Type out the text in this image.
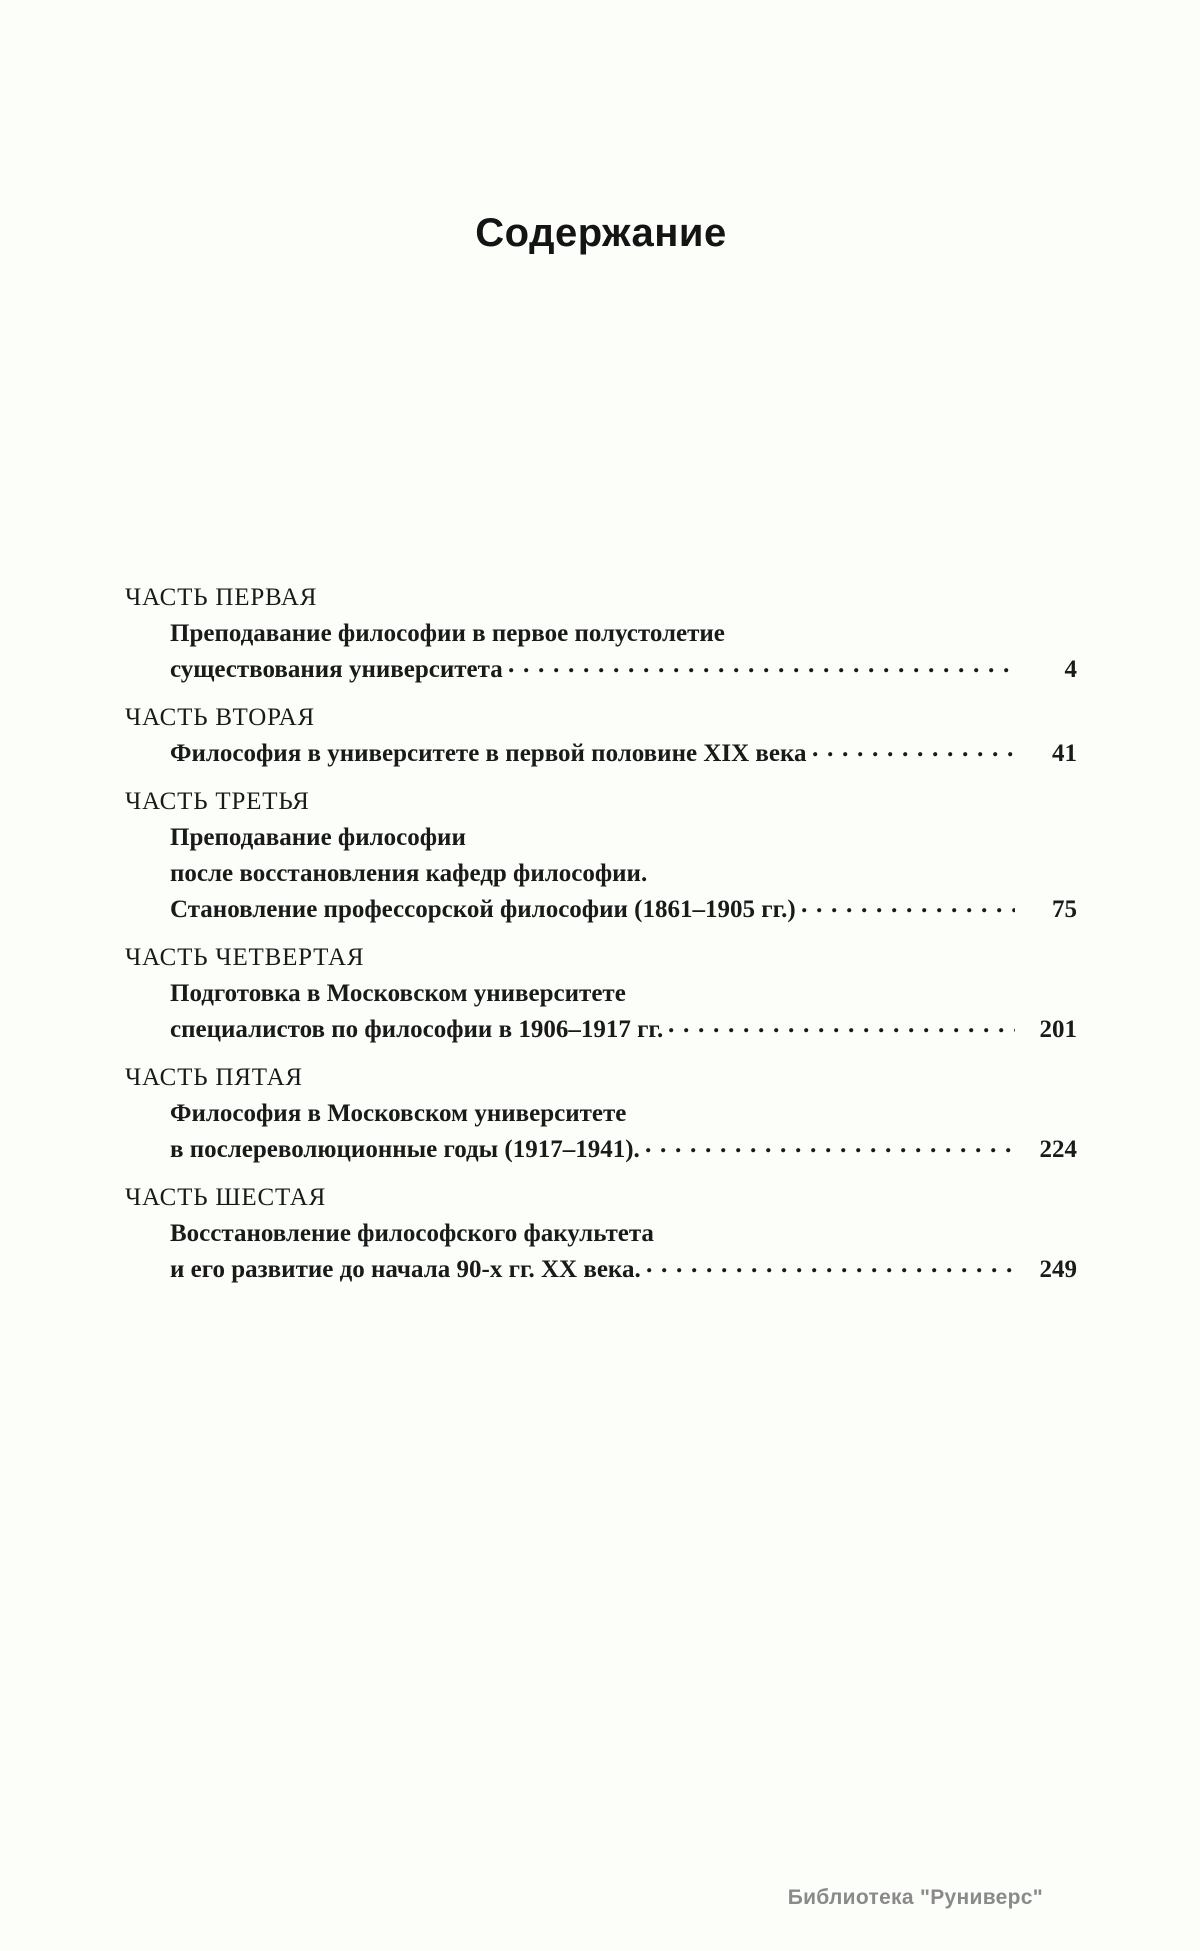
Содержание
ЧАСТЬ ПЕРВАЯ
Преподавание философии в первое полустолетие
существования университета	4
ЧАСТЬ ВТОРАЯ
Философия в университете в первой половине XIX века	41
ЧАСТЬ ТРЕТЬЯ
Преподавание философии
после восстановления кафедр философии.
Становление профессорской философии (1861–1905 гг.)	75
ЧАСТЬ ЧЕТВЕРТАЯ
Подготовка в Московском университете
специалистов по философии в 1906–1917 гг.	201
ЧАСТЬ ПЯТАЯ
Философия в Московском университете
в послереволюционные годы (1917–1941).	224
ЧАСТЬ ШЕСТАЯ
Восстановление философского факультета
и его развитие до начала 90-х гг. XX века.	249
Библиотека "Руниверс"
